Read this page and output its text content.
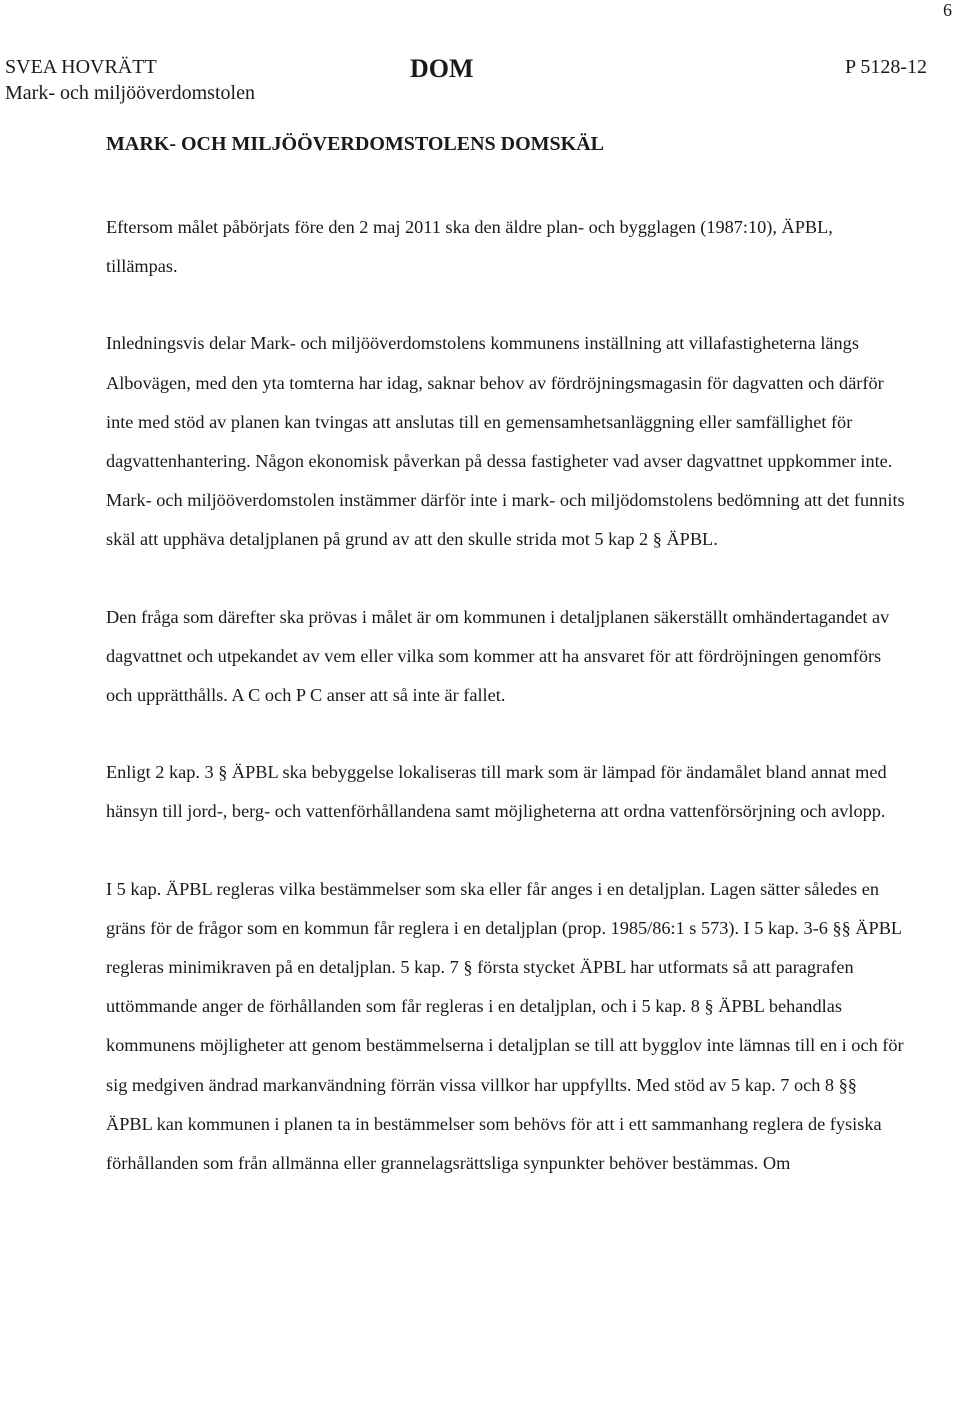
6
SVEA HOVRÄTT
Mark- och miljööverdomstolen
DOM	P 5128-12
MARK- OCH MILJÖÖVERDOMSTOLENS DOMSKÄL

Eftersom målet påbörjats före den 2 maj 2011 ska den äldre plan- och bygglagen (1987:10), ÄPBL, tillämpas.

Inledningsvis delar Mark- och miljööverdomstolens kommunens inställning att villafastigheterna längs Albovägen, med den yta tomterna har idag, saknar behov av fördröjningsmagasin för dagvatten och därför inte med stöd av planen kan tvingas att anslutas till en gemensamhetsanläggning eller samfällighet för dagvattenhantering. Någon ekonomisk påverkan på dessa fastigheter vad avser dagvattnet uppkommer inte.

Mark- och miljööverdomstolen instämmer därför inte i mark- och miljödomstolens bedömning att det funnits skäl att upphäva detaljplanen på grund av att den skulle strida mot 5 kap 2 § ÄPBL.

Den fråga som därefter ska prövas i målet är om kommunen i detaljplanen säkerställt omhändertagandet av dagvattnet och utpekandet av vem eller vilka som kommer att ha ansvaret för att fördröjningen genomförs och upprätthålls. A C och P C anser att så inte är fallet.

Enligt 2 kap. 3 § ÄPBL ska bebyggelse lokaliseras till mark som är lämpad för ändamålet bland annat med hänsyn till jord-, berg- och vattenförhållandena samt möjligheterna att ordna vattenförsörjning och avlopp.

I 5 kap. ÄPBL regleras vilka bestämmelser som ska eller får anges i en detaljplan. Lagen sätter således en gräns för de frågor som en kommun får reglera i en detaljplan (prop. 1985/86:1 s 573). I 5 kap. 3-6 §§ ÄPBL regleras minimikraven på en detaljplan. 5 kap. 7 § första stycket ÄPBL har utformats så att paragrafen uttömmande anger de förhållanden som får regleras i en detaljplan, och i 5 kap. 8 § ÄPBL behandlas kommunens möjligheter att genom bestämmelserna i detaljplan se till att bygglov inte lämnas till en i och för sig medgiven ändrad markanvändning förrän vissa villkor har uppfyllts. Med stöd av 5 kap. 7 och 8 §§ ÄPBL kan kommunen i planen ta in bestämmelser som behövs för att i ett sammanhang reglera de fysiska förhållanden som från allmänna eller grannelagsrättsliga synpunkter behöver bestämmas. Om
